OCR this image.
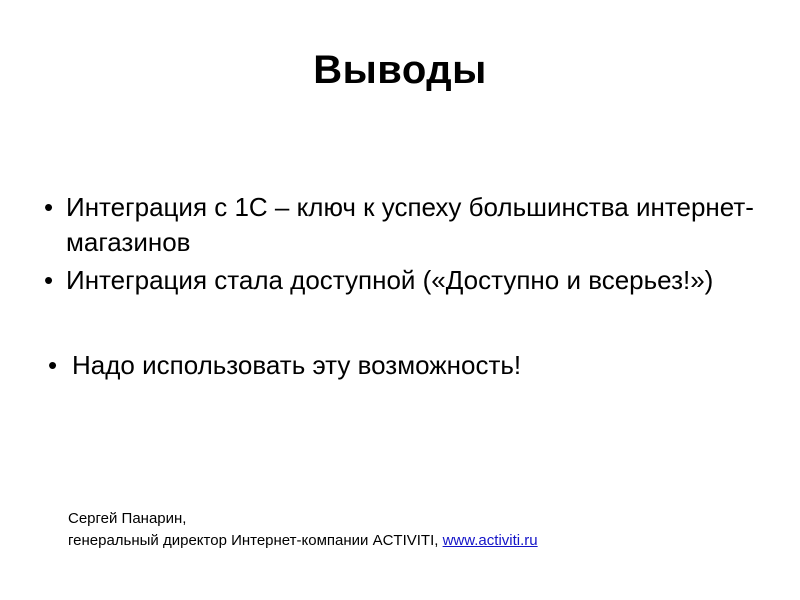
Выводы
• Интеграция с 1С – ключ к успеху большинства интернет-магазинов
• Интеграция стала доступной («Доступно и всерьез!»)
• Надо использовать эту возможность!
Сергей Панарин,
генеральный директор Интернет-компании ACTIVITI, www.activiti.ru
